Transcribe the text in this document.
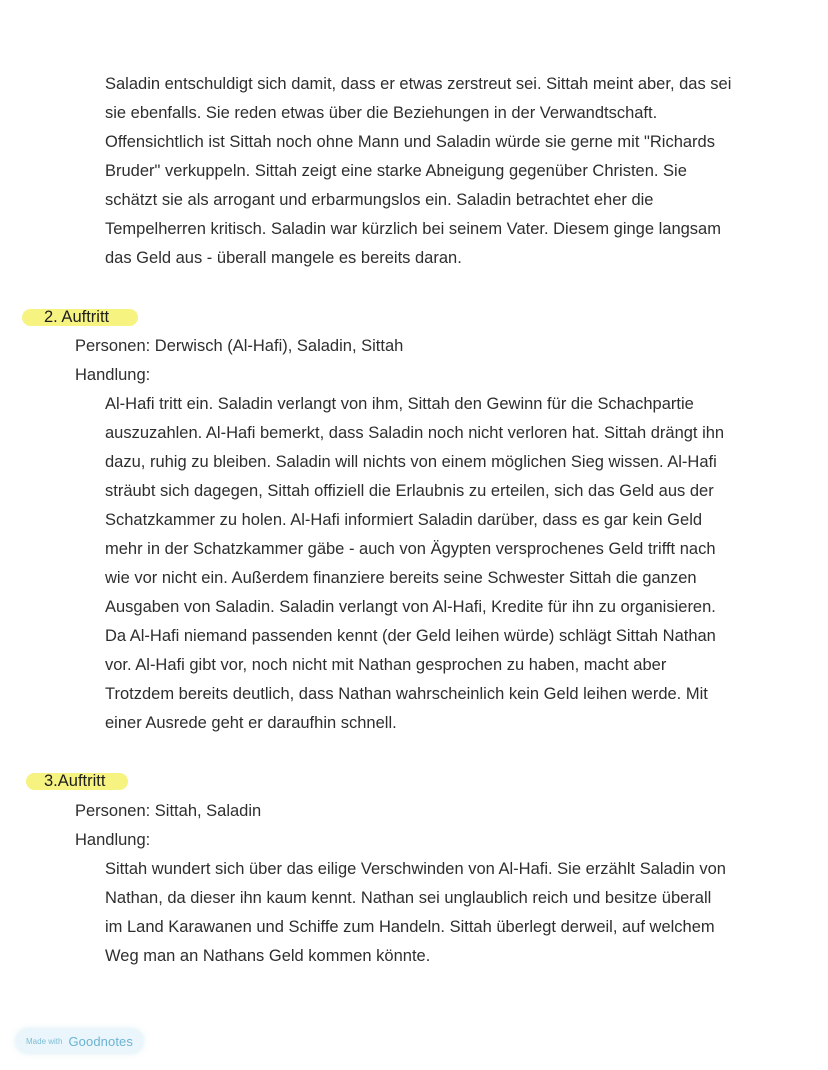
Saladin entschuldigt sich damit, dass er etwas zerstreut sei. Sittah meint aber, das sei
sie ebenfalls. Sie reden etwas über die Beziehungen in der Verwandtschaft.
Offensichtlich ist Sittah noch ohne Mann und Saladin würde sie gerne mit "Richards
Bruder" verkuppeln. Sittah zeigt eine starke Abneigung gegenüber Christen. Sie
schätzt sie als arrogant und erbarmungslos ein. Saladin betrachtet eher die
Tempelherren kritisch. Saladin war kürzlich bei seinem Vater. Diesem ginge langsam
das Geld aus - überall mangele es bereits daran.
2. Auftritt
Personen: Derwisch (Al-Hafi), Saladin, Sittah
Handlung:
Al-Hafi tritt ein. Saladin verlangt von ihm, Sittah den Gewinn für die Schachpartie
auszuzahlen. Al-Hafi bemerkt, dass Saladin noch nicht verloren hat. Sittah drängt ihn
dazu, ruhig zu bleiben. Saladin will nichts von einem möglichen Sieg wissen. Al-Hafi
sträubt sich dagegen, Sittah offiziell die Erlaubnis zu erteilen, sich das Geld aus der
Schatzkammer zu holen. Al-Hafi informiert Saladin darüber, dass es gar kein Geld
mehr in der Schatzkammer gäbe - auch von Ägypten versprochenes Geld trifft nach
wie vor nicht ein. Außerdem finanziere bereits seine Schwester Sittah die ganzen
Ausgaben von Saladin. Saladin verlangt von Al-Hafi, Kredite für ihn zu organisieren.
Da Al-Hafi niemand passenden kennt (der Geld leihen würde) schlägt Sittah Nathan
vor. Al-Hafi gibt vor, noch nicht mit Nathan gesprochen zu haben, macht aber
Trotzdem bereits deutlich, dass Nathan wahrscheinlich kein Geld leihen werde. Mit
einer Ausrede geht er daraufhin schnell.
3.Auftritt
Personen: Sittah, Saladin
Handlung:
Sittah wundert sich über das eilige Verschwinden von Al-Hafi. Sie erzählt Saladin von
Nathan, da dieser ihn kaum kennt. Nathan sei unglaublich reich und besitze überall
im Land Karawanen und Schiffe zum Handeln. Sittah überlegt derweil, auf welchem
Weg man an Nathans Geld kommen könnte.
Made with Goodnotes
